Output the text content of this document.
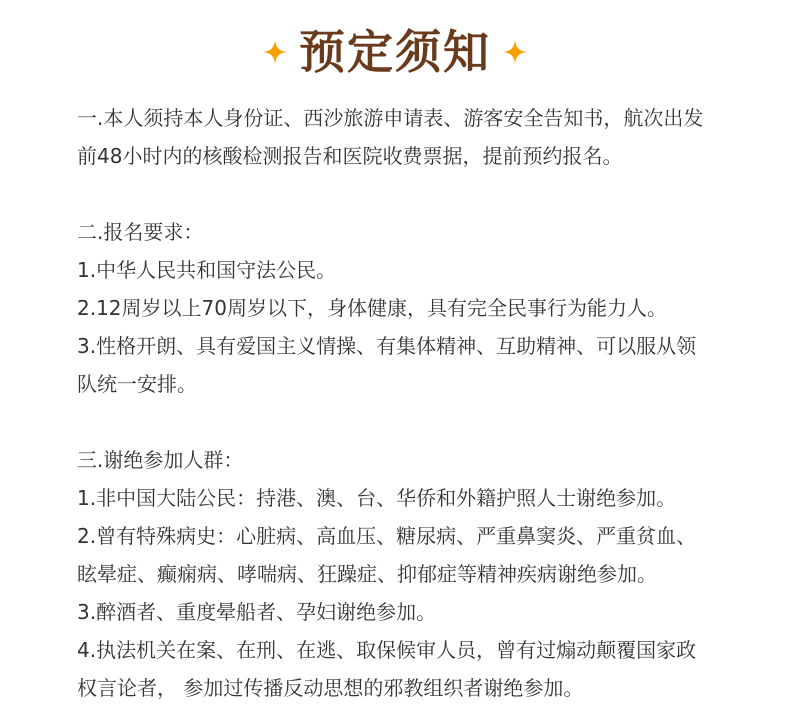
预定须知
一.本人须持本人身份证、西沙旅游申请表、游客安全告知书，航次出发
前48小时内的核酸检测报告和医院收费票据，提前预约报名。
二.报名要求：
1.中华人民共和国守法公民。
2.12周岁以上70周岁以下，身体健康，具有完全民事行为能力人。
3.性格开朗、具有爱国主义情操、有集体精神、互助精神、可以服从领
队统一安排。
三.谢绝参加人群：
1.非中国大陆公民：持港、澳、台、华侨和外籍护照人士谢绝参加。
2.曾有特殊病史：心脏病、高血压、糖尿病、严重鼻窦炎、严重贫血、
眩晕症、癫痫病、哮喘病、狂躁症、抑郁症等精神疾病谢绝参加。
3.醉酒者、重度晕船者、孕妇谢绝参加。
4.执法机关在案、在刑、在逃、取保候审人员，曾有过煽动颠覆国家政
权言论者， 参加过传播反动思想的邪教组织者谢绝参加。
